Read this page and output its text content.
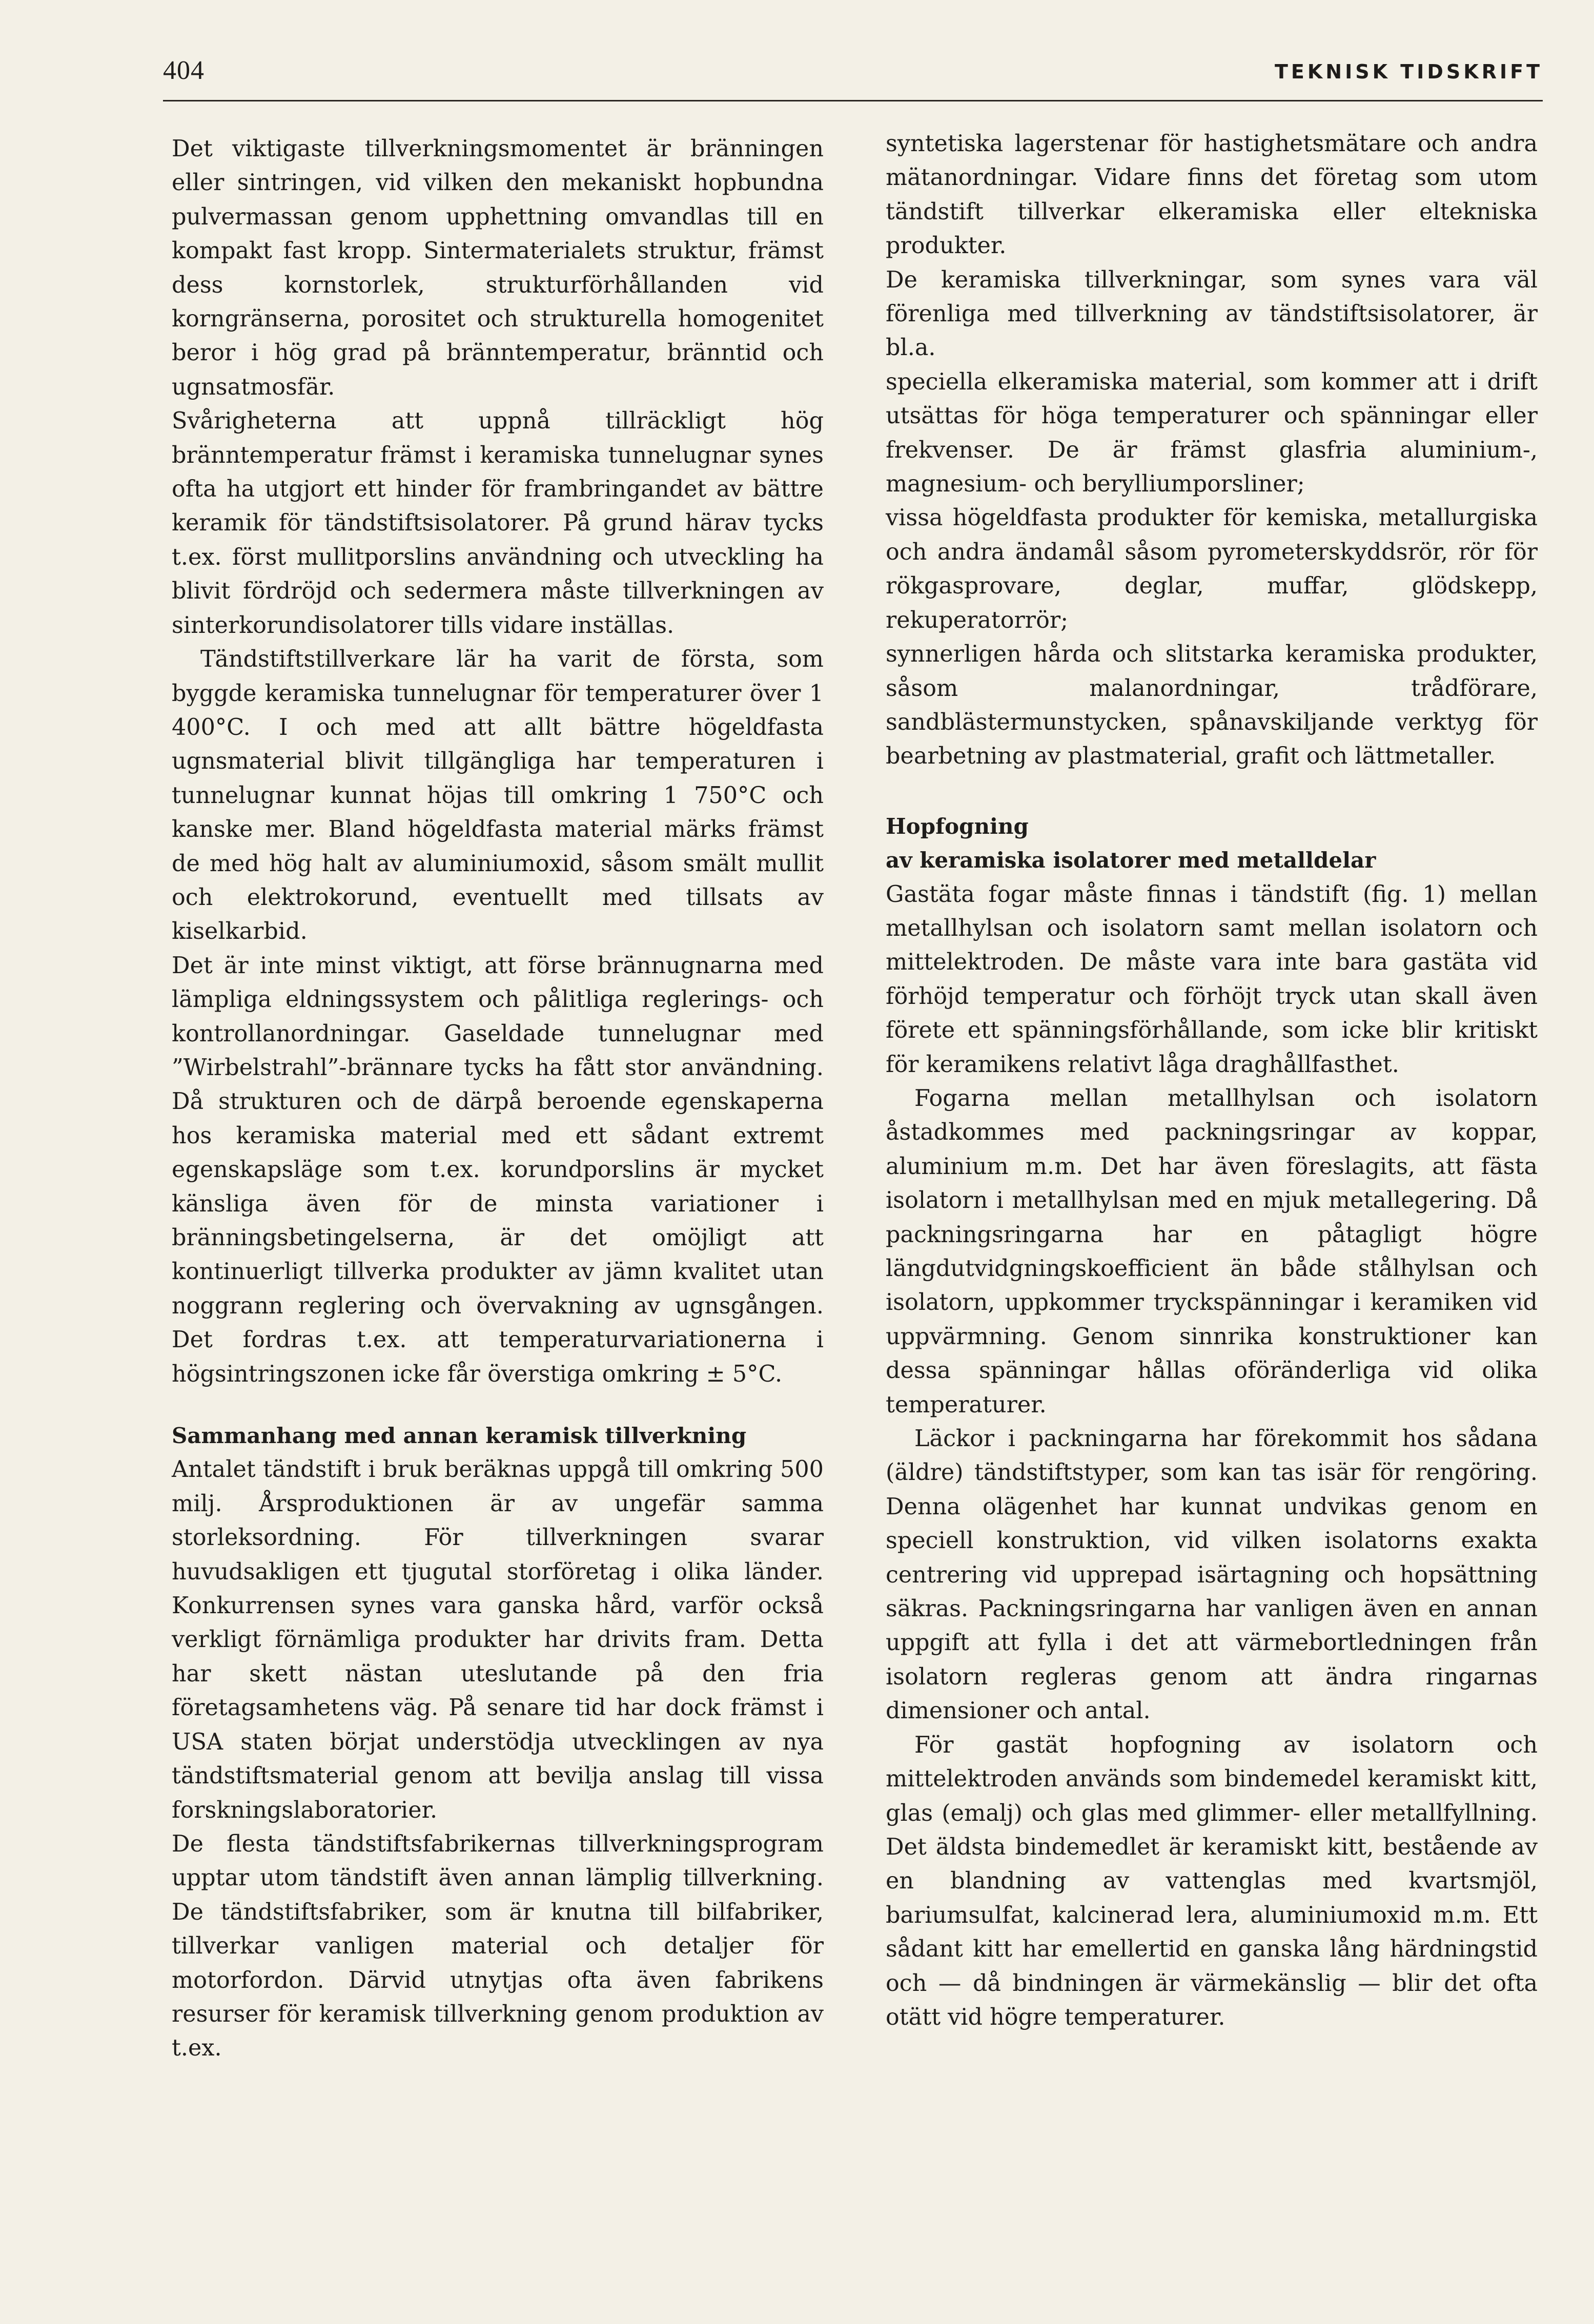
404	TEKNISK TIDSKRIFT

Det viktigaste tillverkningsmomentet är bränningen eller sintringen, vid vilken den mekaniskt hopbundna pulvermassan genom upphettning omvandlas till en kompakt fast kropp. Sintermaterialets struktur, främst dess kornstorlek, strukturförhållanden vid korngränserna, porositet och strukturella homogenitet beror i hög grad på bränntemperatur, bränntid och ugnsatmosfär.

Svårigheterna att uppnå tillräckligt hög bränntemperatur främst i keramiska tunnelugnar synes ofta ha utgjort ett hinder för frambringandet av bättre keramik för tändstiftsisolatorer. På grund härav tycks t.ex. först mullitporslins användning och utveckling ha blivit fördröjd och sedermera måste tillverkningen av sinterkorundisolatorer tills vidare inställas.

Tändstiftstillverkare lär ha varit de första, som byggde keramiska tunnelugnar för temperaturer över 1 400°C. I och med att allt bättre högeldfasta ugnsmaterial blivit tillgängliga har temperaturen i tunnelugnar kunnat höjas till omkring 1 750°C och kanske mer. Bland högeldfasta material märks främst de med hög halt av aluminiumoxid, såsom smält mullit och elektrokorund, eventuellt med tillsats av kiselkarbid.

Det är inte minst viktigt, att förse brännugnarna med lämpliga eldningssystem och pålitliga reglerings- och kontrollanordningar. Gaseldade tunnelugnar med ”Wirbelstrahl”-brännare tycks ha fått stor användning. Då strukturen och de därpå beroende egenskaperna hos keramiska material med ett sådant extremt egenskapsläge som t.ex. korundporslins är mycket känsliga även för de minsta variationer i bränningsbetingelserna, är det omöjligt att kontinuerligt tillverka produkter av jämn kvalitet utan noggrann reglering och övervakning av ugnsgången. Det fordras t.ex. att temperaturvariationerna i högsintringszonen icke får överstiga omkring ± 5°C.

Sammanhang med annan keramisk tillverkning

Antalet tändstift i bruk beräknas uppgå till omkring 500 milj. Årsproduktionen är av ungefär samma storleksordning. För tillverkningen svarar huvudsakligen ett tjugutal storföretag i olika länder. Konkurrensen synes vara ganska hård, varför också verkligt förnämliga produkter har drivits fram. Detta har skett nästan uteslutande på den fria företagsamhetens väg. På senare tid har dock främst i USA staten börjat understödja utvecklingen av nya tändstiftsmaterial genom att bevilja anslag till vissa forskningslaboratorier.

De flesta tändstiftsfabrikernas tillverkningsprogram upptar utom tändstift även annan lämplig tillverkning. De tändstiftsfabriker, som är knutna till bilfabriker, tillverkar vanligen material och detaljer för motorfordon. Därvid utnytjas ofta även fabrikens resurser för keramisk tillverkning genom produktion av t.ex.

syntetiska lagerstenar för hastighetsmätare och andra mätanordningar. Vidare finns det företag som utom tändstift tillverkar elkeramiska eller eltekniska produkter.

De keramiska tillverkningar, som synes vara väl förenliga med tillverkning av tändstiftsisolatorer, är bl.a.

speciella elkeramiska material, som kommer att i drift utsättas för höga temperaturer och spänningar eller frekvenser. De är främst glasfria aluminium-, magnesium- och berylliumporsliner;

vissa högeldfasta produkter för kemiska, metallurgiska och andra ändamål såsom pyrometerskyddsrör, rör för rökgasprovare, deglar, muffar, glödskepp, rekuperatorrör;

synnerligen hårda och slitstarka keramiska produkter, såsom malanordningar, trådförare, sandblästermunstycken, spånavskiljande verktyg för bearbetning av plastmaterial, grafit och lättmetaller.

Hopfogning
av keramiska isolatorer med metalldelar

Gastäta fogar måste finnas i tändstift (fig. 1) mellan metallhylsan och isolatorn samt mellan isolatorn och mittelektroden. De måste vara inte bara gastäta vid förhöjd temperatur och förhöjt tryck utan skall även förete ett spänningsförhållande, som icke blir kritiskt för keramikens relativt låga draghållfasthet.

Fogarna mellan metallhylsan och isolatorn åstadkommes med packningsringar av koppar, aluminium m.m. Det har även föreslagits, att fästa isolatorn i metallhylsan med en mjuk metallegering. Då packningsringarna har en påtagligt högre längdutvidgningskoefficient än både stålhylsan och isolatorn, uppkommer tryckspänningar i keramiken vid uppvärmning. Genom sinnrika konstruktioner kan dessa spänningar hållas oföränderliga vid olika temperaturer.

Läckor i packningarna har förekommit hos sådana (äldre) tändstiftstyper, som kan tas isär för rengöring. Denna olägenhet har kunnat undvikas genom en speciell konstruktion, vid vilken isolatorns exakta centrering vid upprepad isärtagning och hopsättning säkras. Packningsringarna har vanligen även en annan uppgift att fylla i det att värmebortledningen från isolatorn regleras genom att ändra ringarnas dimensioner och antal.

För gastät hopfogning av isolatorn och mittelektroden används som bindemedel keramiskt kitt, glas (emalj) och glas med glimmer- eller metallfyllning. Det äldsta bindemedlet är keramiskt kitt, bestående av en blandning av vattenglas med kvartsmjöl, bariumsulfat, kalcinerad lera, aluminiumoxid m.m. Ett sådant kitt har emellertid en ganska lång härdningstid och — då bindningen är värmekänslig — blir det ofta otätt vid högre temperaturer.
